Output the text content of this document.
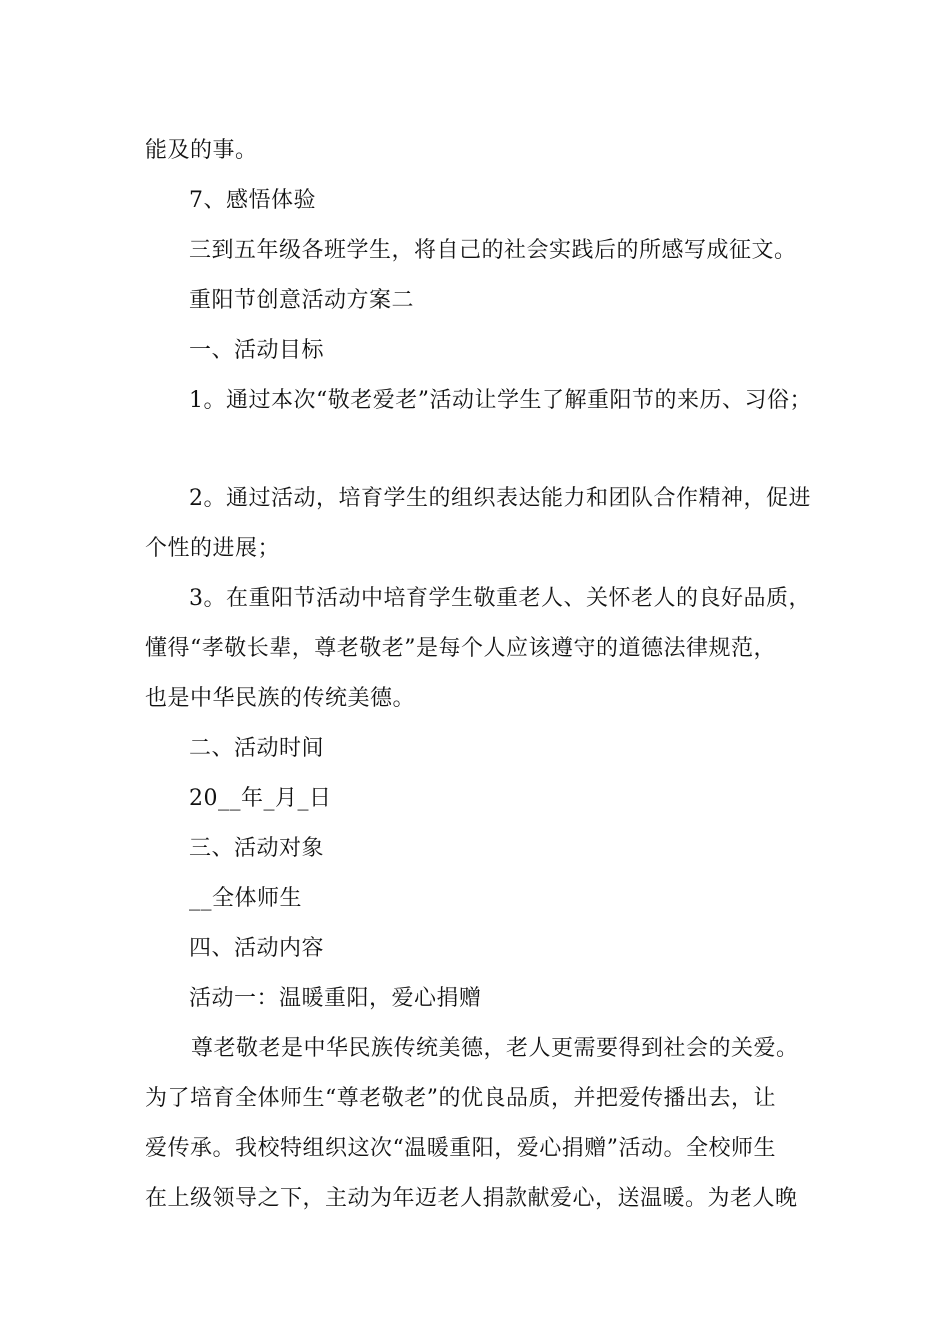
能及的事。
7、感悟体验
三到五年级各班学生，将自己的社会实践后的所感写成征文。
重阳节创意活动方案二
一、活动目标
1。通过本次“敬老爱老”活动让学生了解重阳节的来历、习俗；
2。通过活动，培育学生的组织表达能力和团队合作精神，促进
个性的进展；
3。在重阳节活动中培育学生敬重老人、关怀老人的良好品质，
懂得“孝敬长辈，尊老敬老”是每个人应该遵守的道德法律规范，
也是中华民族的传统美德。
二、活动时间
20__年_月_日
三、活动对象
__全体师生
四、活动内容
活动一：温暖重阳，爱心捐赠
尊老敬老是中华民族传统美德，老人更需要得到社会的关爱。
为了培育全体师生“尊老敬老”的优良品质，并把爱传播出去，让
爱传承。我校特组织这次“温暖重阳，爱心捐赠”活动。全校师生
在上级领导之下，主动为年迈老人捐款献爱心，送温暖。为老人晚
